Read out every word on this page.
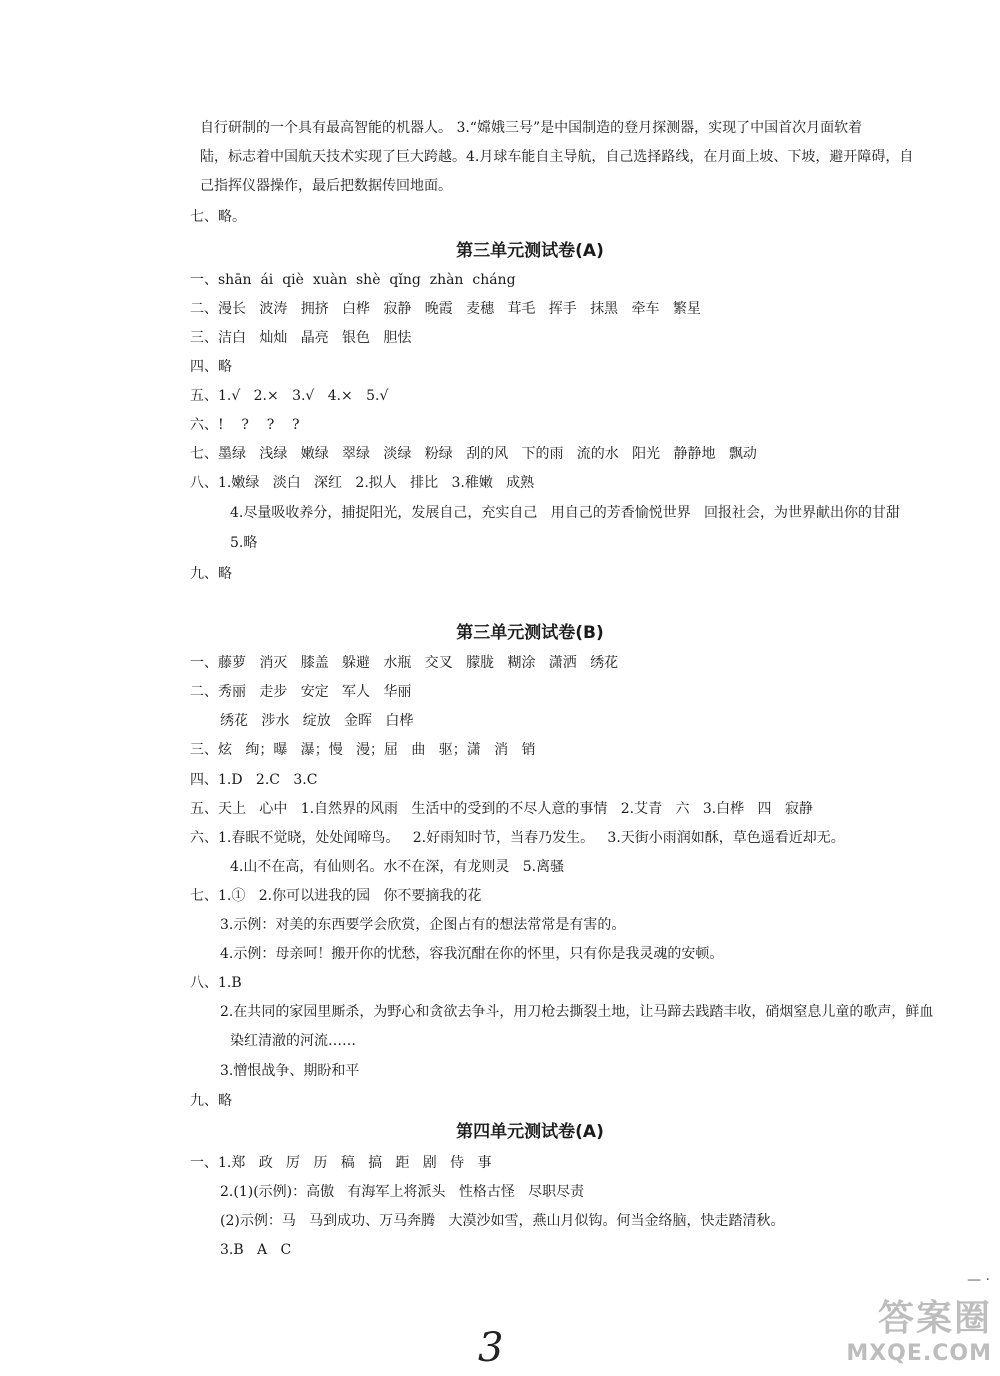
自行研制的一个具有最高智能的机器人。 3.“嫦娥三号”是中国制造的登月探测器，实现了中国首次月面软着
陆，标志着中国航天技术实现了巨大跨越。4.月球车能自主导航，自己选择路线，在月面上坡、下坡，避开障碍，自
己指挥仪器操作，最后把数据传回地面。
七、略。
第三单元测试卷(A)
一、shān  ái  qiè  xuàn  shè  qǐng  zhàn  cháng
二、漫长   波涛   拥挤   白桦   寂静   晚霞   麦穗   茸毛   挥手   抹黑   牵车   繁星
三、洁白   灿灿   晶亮   银色   胆怯
四、略
五、1.√   2.×   3.√   4.×   5.√
六、!    ?    ?    ?
七、墨绿   浅绿   嫩绿   翠绿   淡绿   粉绿   刮的风   下的雨   流的水   阳光   静静地   飘动
八、1.嫩绿   淡白   深红   2.拟人   排比   3.稚嫩   成熟
4.尽量吸收养分，捕捉阳光，发展自己，充实自己   用自己的芳香愉悦世界   回报社会，为世界献出你的甘甜
5.略
九、略
第三单元测试卷(B)
一、藤萝   消灭   膝盖   躲避   水瓶   交叉   朦胧   糊涂   潇洒   绣花
二、秀丽   走步   安定   军人   华丽
绣花   涉水   绽放   金晖   白桦
三、炫   绚；曝   瀑；慢   漫；屈   曲   驱；潇   消   销
四、1.D   2.C   3.C
五、天上   心中   1.自然界的风雨   生活中的受到的不尽人意的事情   2.艾青   六   3.白桦   四   寂静
六、1.春眠不觉晓，处处闻啼鸟。   2.好雨知时节，当春乃发生。   3.天街小雨润如酥，草色遥看近却无。
4.山不在高，有仙则名。水不在深，有龙则灵   5.离骚
七、1.①   2.你可以进我的园   你不要摘我的花
3.示例：对美的东西要学会欣赏，企图占有的想法常常是有害的。
4.示例：母亲呵！搬开你的忧愁，容我沉酣在你的怀里，只有你是我灵魂的安顿。
八、1.B
2.在共同的家园里厮杀，为野心和贪欲去争斗，用刀枪去撕裂土地，让马蹄去践踏丰收，硝烟窒息儿童的歌声，鲜血
染红清澈的河流……
3.憎恨战争、期盼和平
九、略
第四单元测试卷(A)
一、1.郑   政   厉   历   稿   搞   距   剧   侍   事
2.(1)(示例)：高傲   有海军上将派头   性格古怪   尽职尽责
(2)示例：马   马到成功、万马奔腾   大漠沙如雪，燕山月似钩。何当金络脑，快走踏清秋。
3.B   A   C
— ·
3
答案圈
MXQE.COM
